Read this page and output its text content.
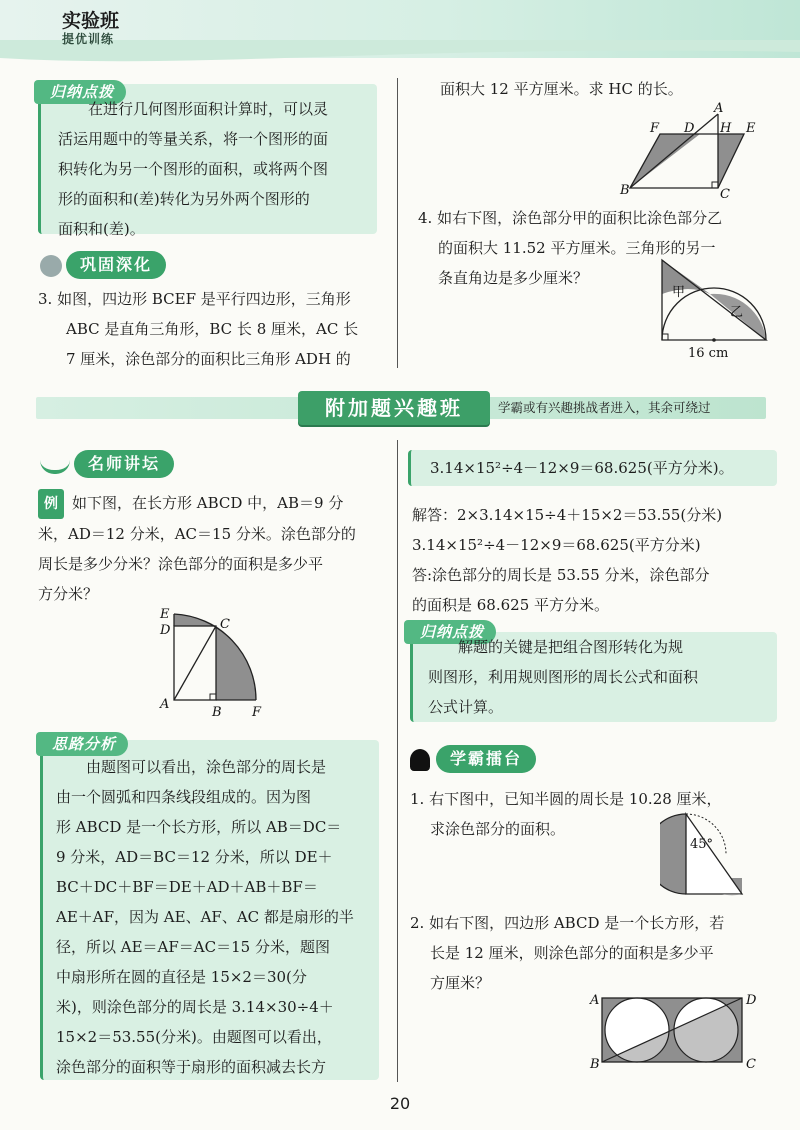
实验班
提优训练
归纳点拨
在进行几何图形面积计算时，可以灵
活运用题中的等量关系，将一个图形的面
积转化为另一个图形的面积，或将两个图
形的面积和(差)转化为另外两个图形的
面积和(差)。
巩固深化
3. 如图，四边形 BCEF 是平行四边形，三角形
ABC 是直角三角形，BC 长 8 厘米，AC 长
7 厘米，涂色部分的面积比三角形 ADH 的
面积大 12 平方厘米。求 HC 的长。
A
F D H E
B	C
4. 如右下图，涂色部分甲的面积比涂色部分乙
的面积大 11.52 平方厘米。三角形的另一
条直角边是多少厘米？
甲
乙
16 cm
附加题兴趣班	学霸或有兴趣挑战者进入，其余可绕过
名师讲坛
例 如下图，在长方形 ABCD 中，AB＝9 分
米，AD＝12 分米，AC＝15 分米。涂色部分的
周长是多少分米？涂色部分的面积是多少平
方分米？
E
D	C
A
B F
思路分析
由题图可以看出，涂色部分的周长是
由一个圆弧和四条线段组成的。因为图
形 ABCD 是一个长方形，所以 AB＝DC＝
9 分米，AD＝BC＝12 分米，所以 DE＋
BC＋DC＋BF＝DE＋AD＋AB＋BF＝
AE＋AF，因为 AE、AF、AC 都是扇形的半
径，所以 AE＝AF＝AC＝15 分米，题图
中扇形所在圆的直径是 15×2＝30(分
米)，则涂色部分的周长是 3.14×30÷4＋
15×2＝53.55(分米)。由题图可以看出，
涂色部分的面积等于扇形的面积减去长方
3.14×15²÷4－12×9＝68.625(平方分米)。
解答：2×3.14×15÷4＋15×2＝53.55(分米)
3.14×15²÷4－12×9＝68.625(平方分米)
答:涂色部分的周长是 53.55 分米，涂色部分
的面积是 68.625 平方分米。
归纳点拨
解题的关键是把组合图形转化为规
则图形，利用规则图形的周长公式和面积
公式计算。
学霸擂台
1. 右下图中，已知半圆的周长是 10.28 厘米，
求涂色部分的面积。
45°
2. 如右下图，四边形 ABCD 是一个长方形，若
长是 12 厘米，则涂色部分的面积是多少平
方厘米？
A	D
B	C
20
